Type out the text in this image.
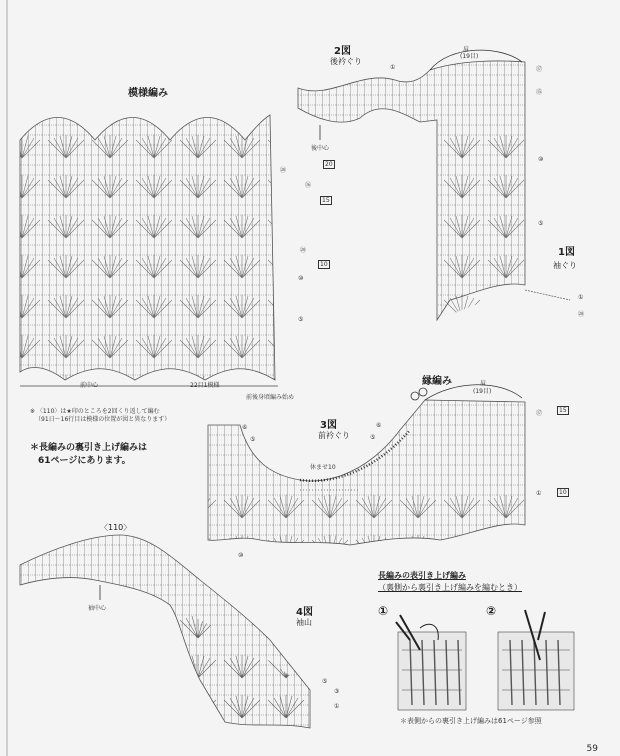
模様編み
⑳
⑯
⑳
⑩
⑤
20
15
10
前中心	22目1模様
前後身頃編み始め
※ 〈110〉は★印のところを2回くり返して編む
（91日〜16行目は模様の位置が図と異なります）
2図
後衿ぐり
肩
(19目)
後中心
①	⑰
⑮
⑩
⑤
①
⑳
1図
袖ぐり
縁編み
3図
前衿ぐり
肩
(19目)
休ませ10
⑥
⑤
⑥
⑤
⑰
①
15
10
〈110〉
袖中心	4図
袖山
⑩
⑤
③
①
＊長編みの裏引き上げ編みは
61ページにあります。
長編みの表引き上げ編み
（裏側から裏引き上げ編みを編むとき）
①	②
＊表側からの裏引き上げ編みは61ページ参照
59
